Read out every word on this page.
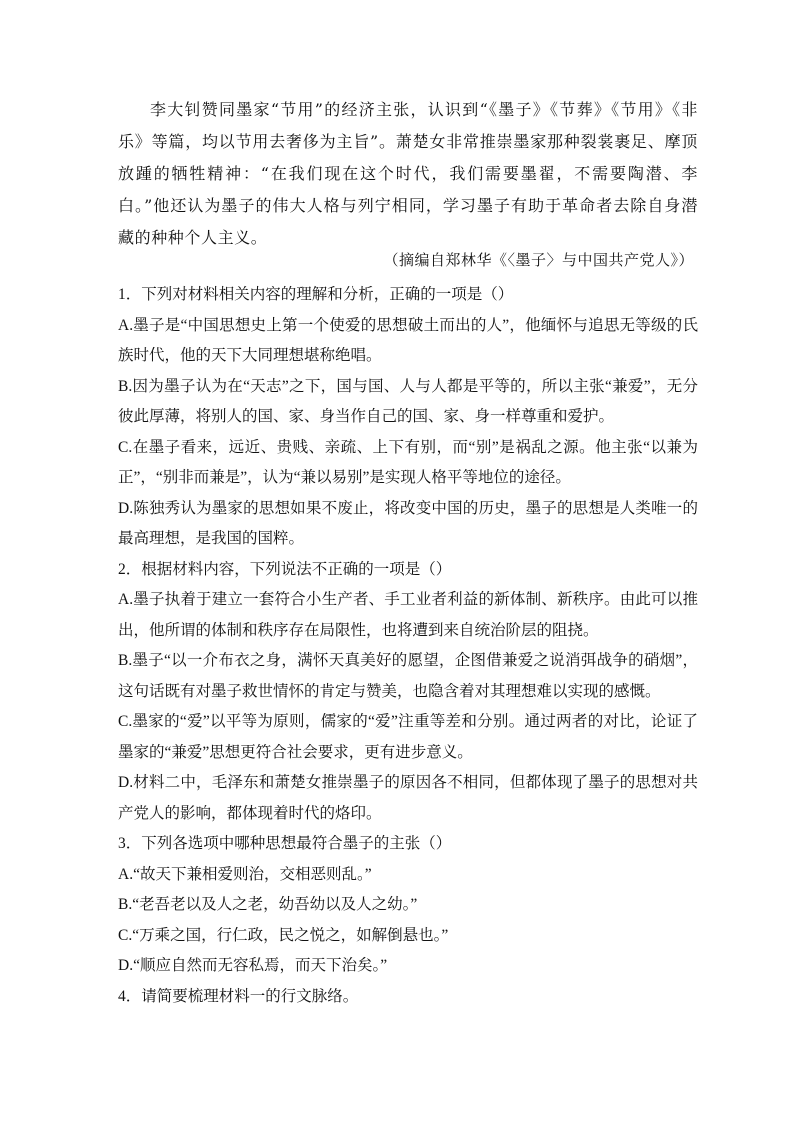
李大钊赞同墨家“节用”的经济主张，认识到“《墨子》《节葬》《节用》《非乐》等篇，均以节用去奢侈为主旨”。萧楚女非常推崇墨家那种裂裳裹足、摩顶放踵的牺牲精神：“在我们现在这个时代，我们需要墨翟，不需要陶潜、李白。”他还认为墨子的伟大人格与列宁相同，学习墨子有助于革命者去除自身潜藏的种种个人主义。
（摘编自郑林华《〈墨子〉与中国共产党人》）
1．下列对材料相关内容的理解和分析，正确的一项是（）
A.墨子是“中国思想史上第一个使爱的思想破土而出的人”，他缅怀与追思无等级的氏
族时代，他的天下大同理想堪称绝唱。
B.因为墨子认为在“天志”之下，国与国、人与人都是平等的，所以主张“兼爱”，无分
彼此厚薄，将别人的国、家、身当作自己的国、家、身一样尊重和爱护。
C.在墨子看来，远近、贵贱、亲疏、上下有别，而“别”是祸乱之源。他主张“以兼为
正”，“别非而兼是”，认为“兼以易别”是实现人格平等地位的途径。
D.陈独秀认为墨家的思想如果不废止，将改变中国的历史，墨子的思想是人类唯一的
最高理想，是我国的国粹。
2．根据材料内容，下列说法不正确的一项是（）
A.墨子执着于建立一套符合小生产者、手工业者利益的新体制、新秩序。由此可以推
出，他所谓的体制和秩序存在局限性，也将遭到来自统治阶层的阻挠。
B.墨子“以一介布衣之身，满怀天真美好的愿望，企图借兼爱之说消弭战争的硝烟”，
这句话既有对墨子救世情怀的肯定与赞美，也隐含着对其理想难以实现的感慨。
C.墨家的“爱”以平等为原则，儒家的“爱”注重等差和分别。通过两者的对比，论证了
墨家的“兼爱”思想更符合社会要求，更有进步意义。
D.材料二中，毛泽东和萧楚女推崇墨子的原因各不相同，但都体现了墨子的思想对共
产党人的影响，都体现着时代的烙印。
3．下列各选项中哪种思想最符合墨子的主张（）
A.“故天下兼相爱则治，交相恶则乱。”
B.“老吾老以及人之老，幼吾幼以及人之幼。”
C.“万乘之国，行仁政，民之悦之，如解倒悬也。”
D.“顺应自然而无容私焉，而天下治矣。”
4．请简要梳理材料一的行文脉络。
